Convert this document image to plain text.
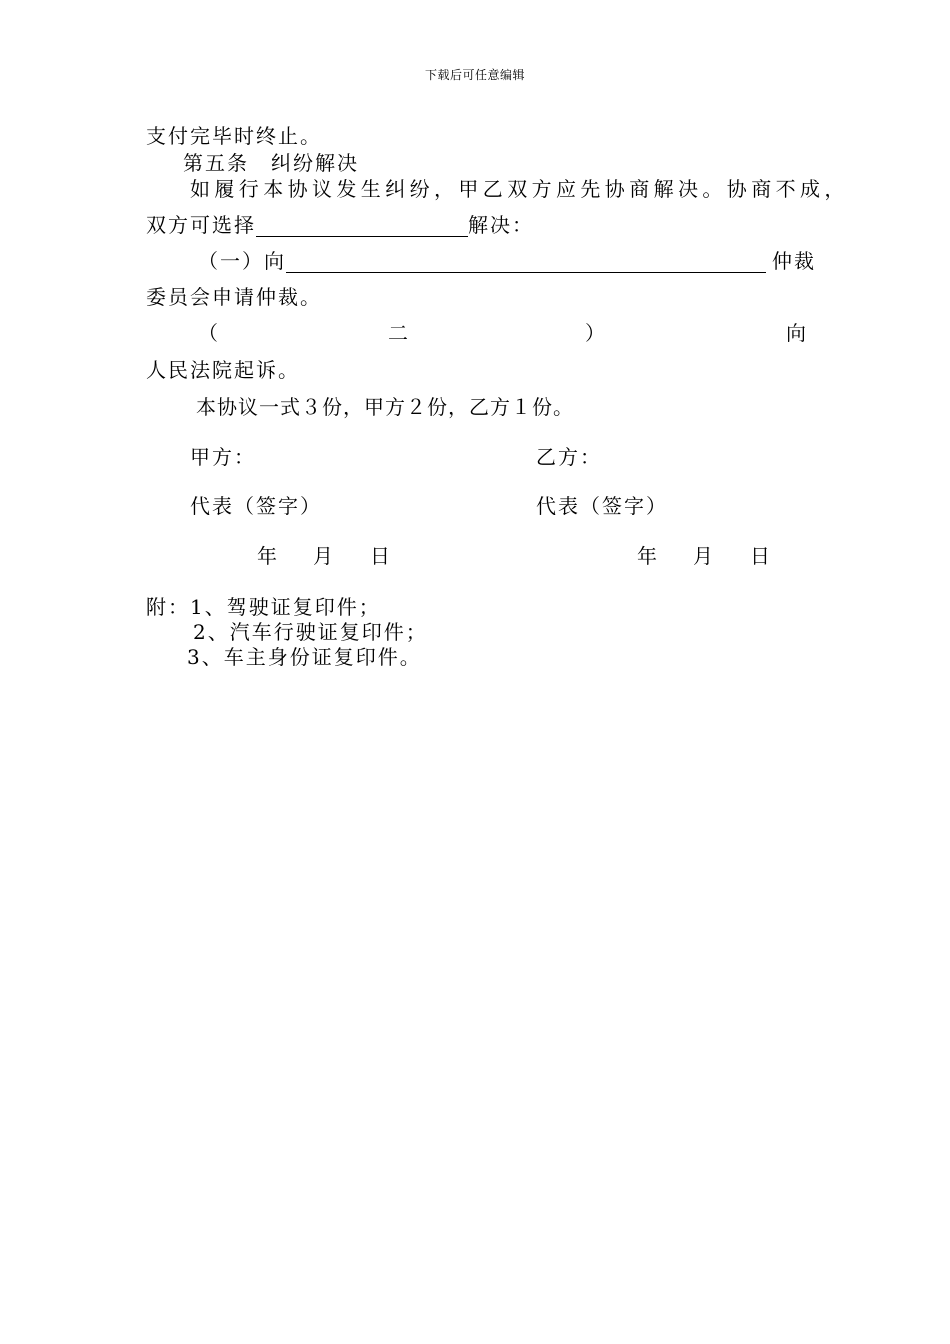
下载后可任意编辑
支付完毕时终止。
第五条　纠纷解决
如履行本协议发生纠纷，甲乙双方应先协商解决。协商不成，
双方可选择	解决：
（一）向	仲裁
委员会申请仲裁。
（	二	）	向
人民法院起诉。
本协议一式３份，甲方２份，乙方１份。
甲方：	乙方：
代表（签字）	代表（签字）
年 月 日	年 月 日
附：1、驾驶证复印件；
2、汽车行驶证复印件；
3、车主身份证复印件。
